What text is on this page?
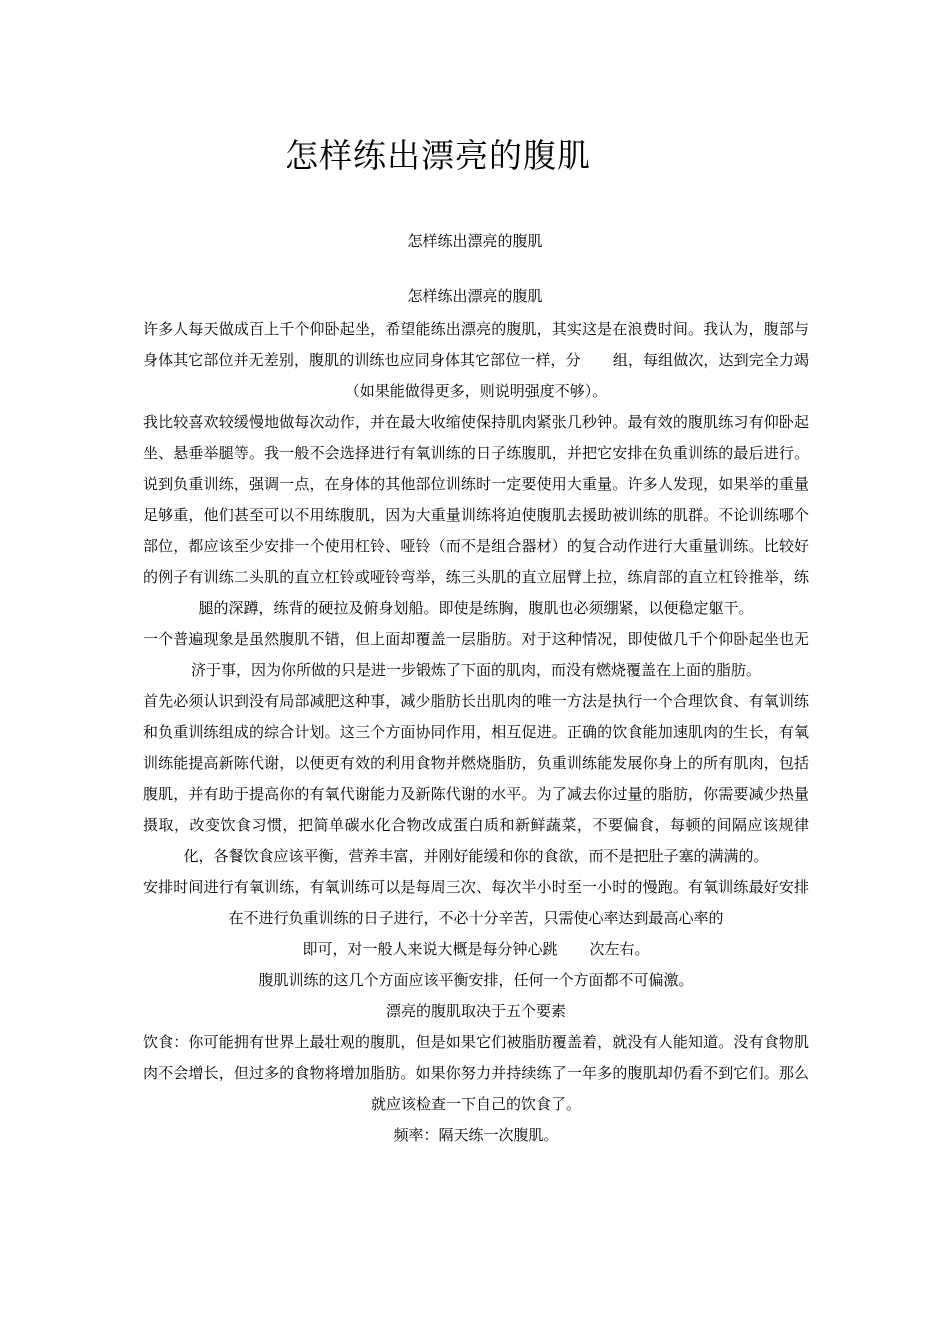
怎样练出漂亮的腹肌
怎样练出漂亮的腹肌
怎样练出漂亮的腹肌

许多人每天做成百上千个仰卧起坐，希望能练出漂亮的腹肌，其实这是在浪费时间。我认为，腹部与身体其它部位并无差别，腹肌的训练也应同身体其它部位一样，分 组，每组做次，达到完全力竭（如果能做得更多，则说明强度不够）。

我比较喜欢较缓慢地做每次动作，并在最大收缩使保持肌肉紧张几秒钟。最有效的腹肌练习有仰卧起坐、悬垂举腿等。我一般不会选择进行有氧训练的日子练腹肌，并把它安排在负重训练的最后进行。说到负重训练，强调一点，在身体的其他部位训练时一定要使用大重量。许多人发现，如果举的重量足够重，他们甚至可以不用练腹肌，因为大重量训练将迫使腹肌去援助被训练的肌群。不论训练哪个部位，都应该至少安排一个使用杠铃、哑铃（而不是组合器材）的复合动作进行大重量训练。比较好的例子有训练二头肌的直立杠铃或哑铃弯举，练三头肌的直立屈臂上拉，练肩部的直立杠铃推举，练腿的深蹲，练背的硬拉及俯身划船。即使是练胸，腹肌也必须绷紧，以便稳定躯干。

一个普遍现象是虽然腹肌不错，但上面却覆盖一层脂肪。对于这种情况，即使做几千个仰卧起坐也无济于事，因为你所做的只是进一步锻炼了下面的肌肉，而没有燃烧覆盖在上面的脂肪。

首先必须认识到没有局部减肥这种事，减少脂肪长出肌肉的唯一方法是执行一个合理饮食、有氧训练和负重训练组成的综合计划。这三个方面协同作用，相互促进。正确的饮食能加速肌肉的生长，有氧训练能提高新陈代谢，以便更有效的利用食物并燃烧脂肪，负重训练能发展你身上的所有肌肉，包括腹肌，并有助于提高你的有氧代谢能力及新陈代谢的水平。为了减去你过量的脂肪，你需要减少热量摄取，改变饮食习惯，把简单碳水化合物改成蛋白质和新鲜蔬菜，不要偏食，每顿的间隔应该规律化，各餐饮食应该平衡，营养丰富，并刚好能缓和你的食欲，而不是把肚子塞的满满的。

安排时间进行有氧训练，有氧训练可以是每周三次、每次半小时至一小时的慢跑。有氧训练最好安排在不进行负重训练的日子进行，不必十分辛苦，只需使心率达到最高心率的

即可，对一般人来说大概是每分钟心跳 次左右。

腹肌训练的这几个方面应该平衡安排，任何一个方面都不可偏激。

漂亮的腹肌取决于五个要素

饮食：你可能拥有世界上最壮观的腹肌，但是如果它们被脂肪覆盖着，就没有人能知道。没有食物肌肉不会增长，但过多的食物将增加脂肪。如果你努力并持续练了一年多的腹肌却仍看不到它们。那么就应该检查一下自己的饮食了。

频率：隔天练一次腹肌。
